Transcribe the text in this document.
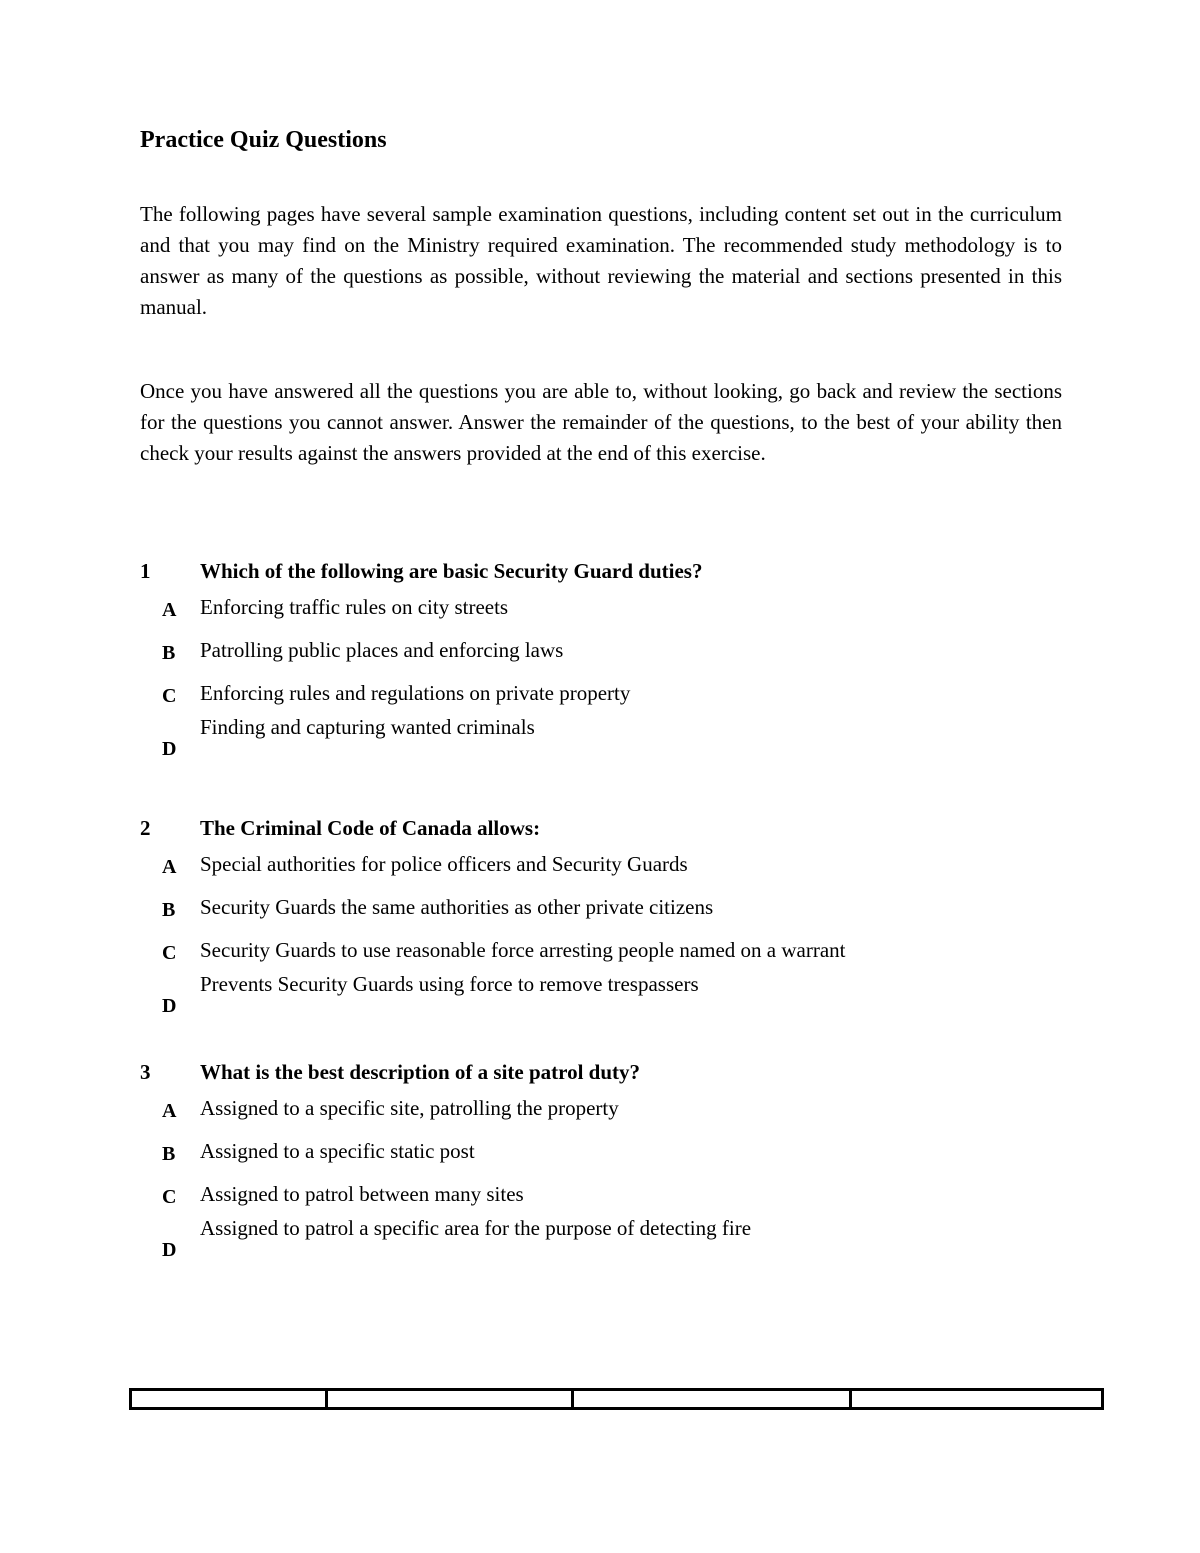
Practice Quiz Questions

The following pages have several sample examination questions, including content set out in the curriculum and that you may find on the Ministry required examination. The recommended study methodology is to answer as many of the questions as possible, without reviewing the material and sections presented in this manual.

Once you have answered all the questions you are able to, without looking, go back and review the sections for the questions you cannot answer. Answer the remainder of the questions, to the best of your ability then check your results against the answers provided at the end of this exercise.

1 Which of the following are basic Security Guard duties?
A Enforcing traffic rules on city streets
B Patrolling public places and enforcing laws
C Enforcing rules and regulations on private property
D
Finding and capturing wanted criminals
2 The Criminal Code of Canada allows:
A Special authorities for police officers and Security Guards
B Security Guards the same authorities as other private citizens
C Security Guards to use reasonable force arresting people named on a warrant
D
Prevents Security Guards using force to remove trespassers
3 What is the best description of a site patrol duty?
A Assigned to a specific site, patrolling the property
B Assigned to a specific static post
C Assigned to patrol between many sites
D
Assigned to patrol a specific area for the purpose of detecting fire
